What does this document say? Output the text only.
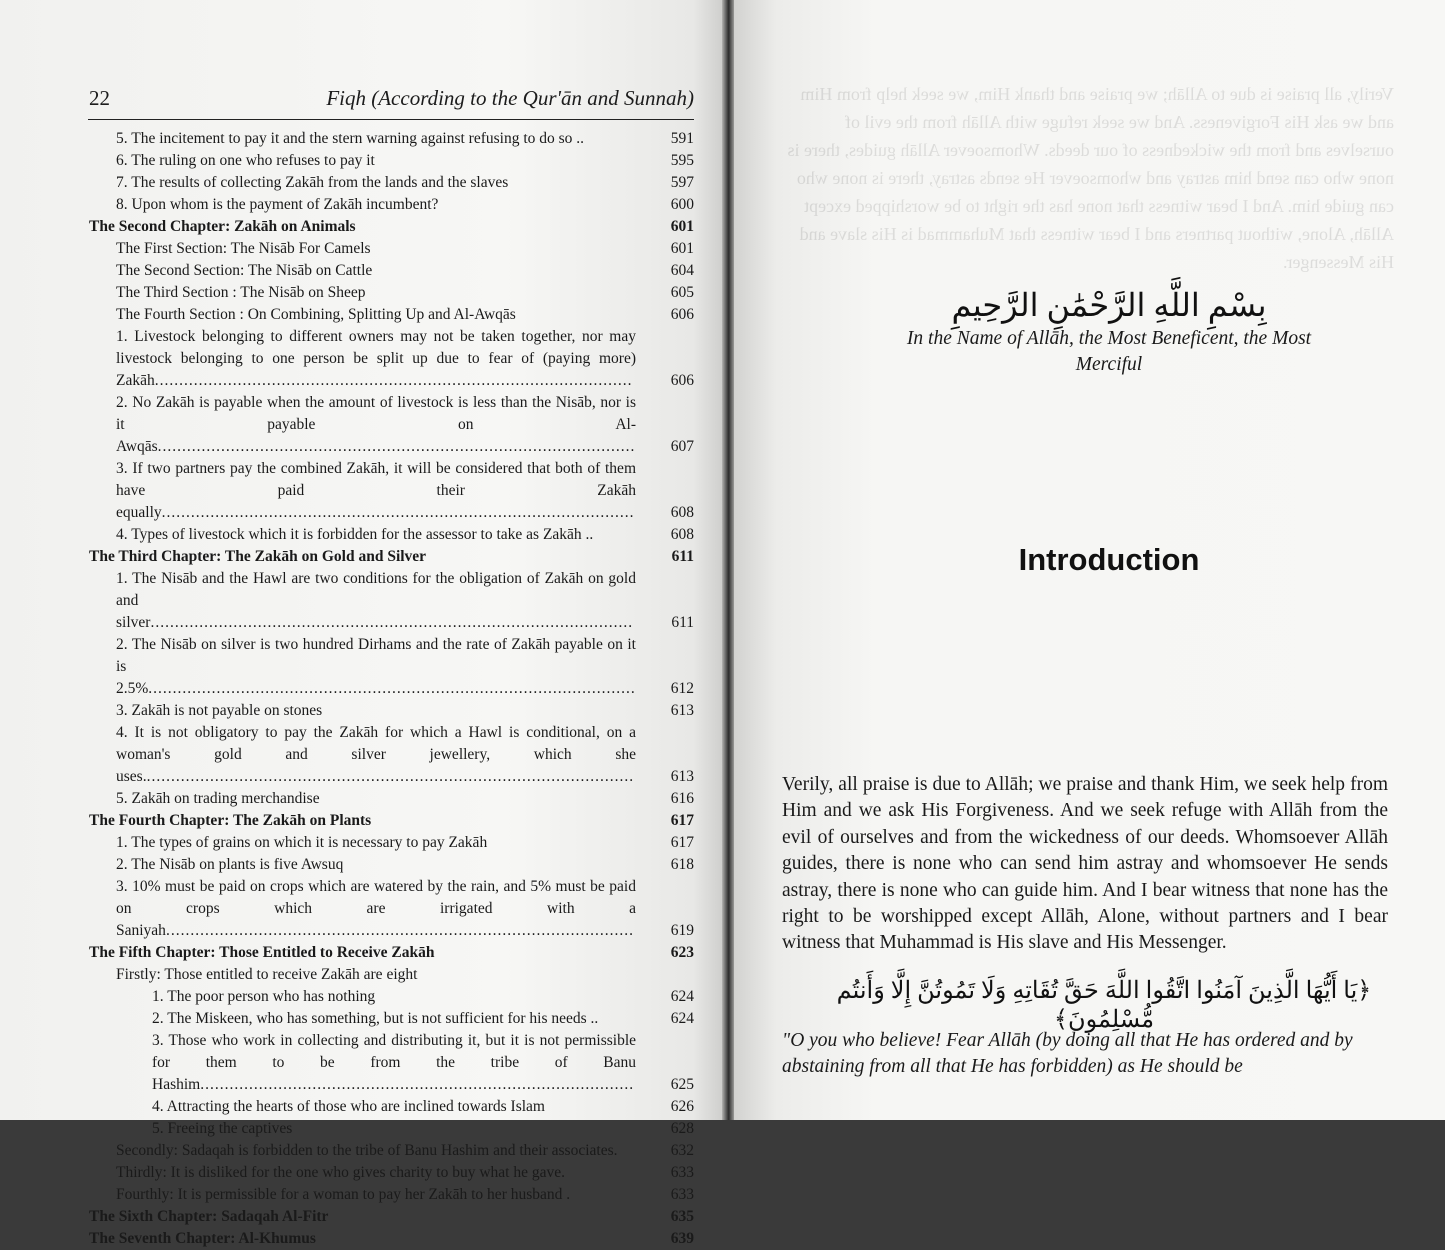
22	Fiqh (According to the Qur'ān and Sunnah)
5. The incitement to pay it and the stern warning against refusing to do so ..	591
6. The ruling on one who refuses to pay it	595
7. The results of collecting Zakāh from the lands and the slaves	597
8. Upon whom is the payment of Zakāh incumbent?	600
The Second Chapter: Zakāh on Animals	601
The First Section: The Nisāb For Camels	601
The Second Section: The Nisāb on Cattle	604
The Third Section : The Nisāb on Sheep	605
The Fourth Section : On Combining, Splitting Up and Al-Awqās	606
1. Livestock belonging to different owners may not be taken together, nor may livestock belonging to one person be split up due to fear of (paying more) Zakāh..................................................................................................	606
2. No Zakāh is payable when the amount of livestock is less than the Nisāb, nor is it payable on Al-Awqās..................................................................................................	607
3. If two partners pay the combined Zakāh, it will be considered that both of them have paid their Zakāh equally.................................................................................................	608
4. Types of livestock which it is forbidden for the assessor to take as Zakāh ..	608
The Third Chapter: The Zakāh on Gold and Silver	611
1. The Nisāb and the Hawl are two conditions for the obligation of Zakāh on gold and silver...................................................................................................	611
2. The Nisāb on silver is two hundred Dirhams and the rate of Zakāh payable on it is 2.5%....................................................................................................	612
3. Zakāh is not payable on stones	613
4. It is not obligatory to pay the Zakāh for which a Hawl is conditional, on a woman's gold and silver jewellery, which she uses.....................................................................................................	613
5. Zakāh on trading merchandise	616
The Fourth Chapter: The Zakāh on Plants	617
1. The types of grains on which it is necessary to pay Zakāh	617
2. The Nisāb on plants is five Awsuq	618
3. 10% must be paid on crops which are watered by the rain, and 5% must be paid on crops which are irrigated with a Saniyah................................................................................................	619
The Fifth Chapter: Those Entitled to Receive Zakāh	623
Firstly: Those entitled to receive Zakāh are eight
1. The poor person who has nothing	624
2. The Miskeen, who has something, but is not sufficient for his needs ..	624
3. Those who work in collecting and distributing it, but it is not permissible for them to be from the tribe of Banu Hashim.........................................................................................	625
4. Attracting the hearts of those who are inclined towards Islam	626
5. Freeing the captives	628
Secondly: Sadaqah is forbidden to the tribe of Banu Hashim and their associates.	632
Thirdly: It is disliked for the one who gives charity to buy what he gave.	633
Fourthly: It is permissible for a woman to pay her Zakāh to her husband .	633
The Sixth Chapter: Sadaqah Al-Fitr	635
The Seventh Chapter: Al-Khumus	639
Verily, all praise is due to Allāh; we praise and thank Him, we seek help from Him and we ask His Forgiveness. And we seek refuge with Allāh from the evil of ourselves and from the wickedness of our deeds. Whomsoever Allāh guides, there is none who can send him astray and whomsoever He sends astray, there is none who can guide him. And I bear witness that none has the right to be worshipped except Allāh, Alone, without partners and I bear witness that Muhammad is His slave and His Messenger.
بِسْمِ اللَّهِ الرَّحْمَٰنِ الرَّحِيمِ
In the Name of Allāh, the Most Beneficent, the Most Merciful
Introduction
Verily, all praise is due to Allāh; we praise and thank Him, we seek help from Him and we ask His Forgiveness. And we seek refuge with Allāh from the evil of ourselves and from the wickedness of our deeds. Whomsoever Allāh guides, there is none who can send him astray and whomsoever He sends astray, there is none who can guide him. And I bear witness that none has the right to be worshipped except Allāh, Alone, without partners and I bear witness that Muhammad is His slave and His Messenger.
﴿يَا أَيُّهَا الَّذِينَ آمَنُوا اتَّقُوا اللَّهَ حَقَّ تُقَاتِهِ وَلَا تَمُوتُنَّ إِلَّا وَأَنتُم مُّسْلِمُونَ﴾
"O you who believe! Fear Allāh (by doing all that He has ordered and by abstaining from all that He has forbidden) as He should be
